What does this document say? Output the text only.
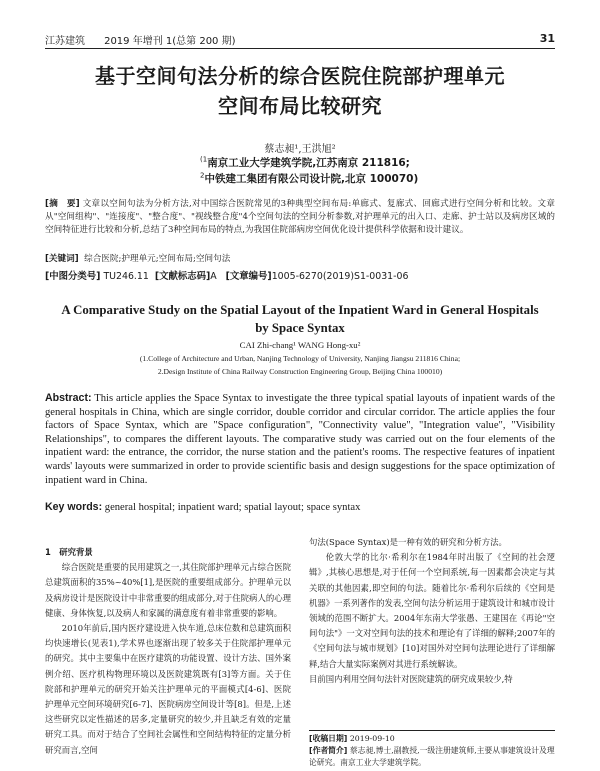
江苏建筑 2019 年增刊 1(总第 200 期)	31
基于空间句法分析的综合医院住院部护理单元
空间布局比较研究
蔡志昶¹,王洪旭²
$^{(1}$南京工业大学建筑学院,江苏南京 211816;
$^2$中铁建工集团有限公司设计院,北京 100070)
[摘　要] 文章以空间句法为分析方法,对中国综合医院常见的3种典型空间布局:单廊式、复廊式、回廊式进行空间分析和比较。文章从"空间组构"、"连接度"、"整合度"、"视线整合度"4个空间句法的空间分析参数,对护理单元的出入口、走廊、护士站以及病房区域的空间特征进行比较和分析,总结了3种空间布局的特点,为我国住院部病房空间优化设计提供科学依据和设计建议。
[关键词] 综合医院;护理单元;空间布局;空间句法
[中图分类号] TU246.11 [文献标志码]A [文章编号]1005-6270(2019)S1-0031-06
A Comparative Study on the Spatial Layout of the Inpatient Ward in General Hospitals
by Space Syntax
CAI Zhi-chang¹ WANG Hong-xu²
(1.College of Architecture and Urban, Nanjing Technology of University, Nanjing Jiangsu 211816 China;
2.Design Institute of China Railway Construction Engineering Group, Beijing China 100010)
Abstract: This article applies the Space Syntax to investigate the three typical spatial layouts of inpatient wards of the general hospitals in China, which are single corridor, double corridor and circular corridor. The article applies the four factors of Space Syntax, which are "Space configuration", "Connectivity value", "Integration value", "Visibility Relationships", to compares the different layouts. The comparative study was carried out on the four elements of the inpatient ward: the entrance, the corridor, the nurse station and the patient's rooms. The respective features of inpatient wards' layouts were summarized in order to provide scientific basis and design suggestions for the space optimization of inpatient ward in China.
Key words: general hospital; inpatient ward; spatial layout; space syntax

1　研究背景

综合医院是重要的民用建筑之一,其住院部护理单元占综合医院总建筑面积的35%~40%[1],是医院的重要组成部分。护理单元以及病房设计是医院设计中非常重要的组成部分,对于住院病人的心理健康、身体恢复,以及病人和家属的满意度有着非常重要的影响。

2010年前后,国内医疗建设进入快车道,总床位数和总建筑面积均快速增长(见表1),学术界也逐渐出现了较多关于住院部护理单元的研究。其中主要集中在医疗建筑的功能设置、设计方法、国外案例介绍、医疗机构物理环境以及医院建筑既有[3]等方面。关于住院部和护理单元的研究开始关注护理单元的平面模式[4-6]、医院护理单元空间环境研究[6-7]、医院病房空间设计等[8]。但是,上述这些研究以定性描述的居多,定量研究的较少,并且缺乏有效的定量研究工具。而对于结合了空间社会属性和空间结构特征的定量分析研究而言,空间

句法(Space Syntax)是一种有效的研究和分析方法。

伦敦大学的比尔·希利尔在1984年时出版了《空间的社会逻辑》,其核心思想是,对于任何一个空间系统,每一因素都会决定与其关联的其他因素,即空间的句法。随着比尔·希利尔后续的《空间是机器》一系列著作的发表,空间句法分析运用于建筑设计和城市设计领域的范围不断扩大。2004年东南大学张愚、王建国在《再论"空间句法"》一文对空间句法的技术和理论有了详细的解释;2007年的《空间句法与城市规划》[10]对国外对空间句法理论进行了详细解释,结合大量实际案例对其进行系统解读。

目前国内利用空间句法针对医院建筑的研究成果较少,特

[收稿日期] 2019-09-10
[作者简介] 蔡志昶,博士,副教授,一级注册建筑师,主要从事建筑设计及理论研究。南京工业大学建筑学院。
